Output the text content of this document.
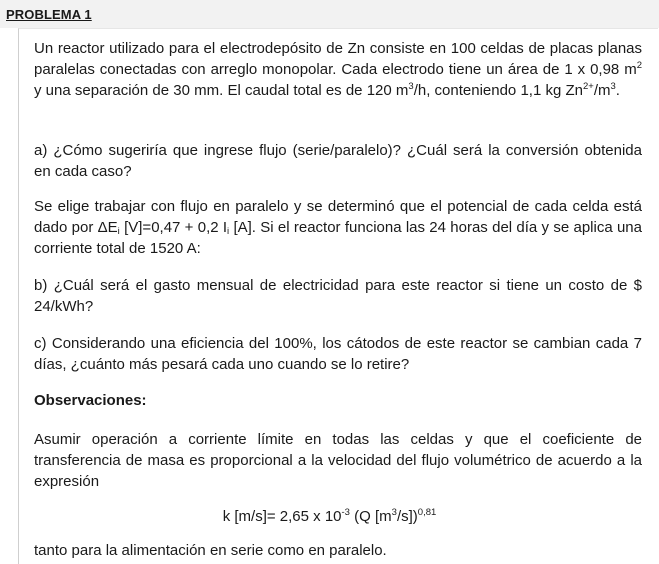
PROBLEMA 1

Un reactor utilizado para el electrodepósito de Zn consiste en 100 celdas de placas planas paralelas conectadas con arreglo monopolar. Cada electrodo tiene un área de 1 x 0,98 $m^2$ y una separación de 30 mm. El caudal total es de 120 $m^3/h$, conteniendo 1,1 kg $Zn^{2+}/m^3$.

a) ¿Cómo sugeriría que ingrese flujo (serie/paralelo)? ¿Cuál será la conversión obtenida en cada caso?

Se elige trabajar con flujo en paralelo y se determinó que el potencial de cada celda está dado por $\Delta E_i$ [V]=0,47 + 0,2 $I_i$ [A]. Si el reactor funciona las 24 horas del día y se aplica una corriente total de 1520 A:

b) ¿Cuál será el gasto mensual de electricidad para este reactor si tiene un costo de $ 24/kWh?

c) Considerando una eficiencia del 100%, los cátodos de este reactor se cambian cada 7 días, ¿cuánto más pesará cada uno cuando se lo retire?

Observaciones:

Asumir operación a corriente límite en todas las celdas y que el coeficiente de transferencia de masa es proporcional a la velocidad del flujo volumétrico de acuerdo a la expresión

k [m/s]= 2,65 x $10^{-3}$ (Q $[m^3/s])^{0,81}$

tanto para la alimentación en serie como en paralelo.
